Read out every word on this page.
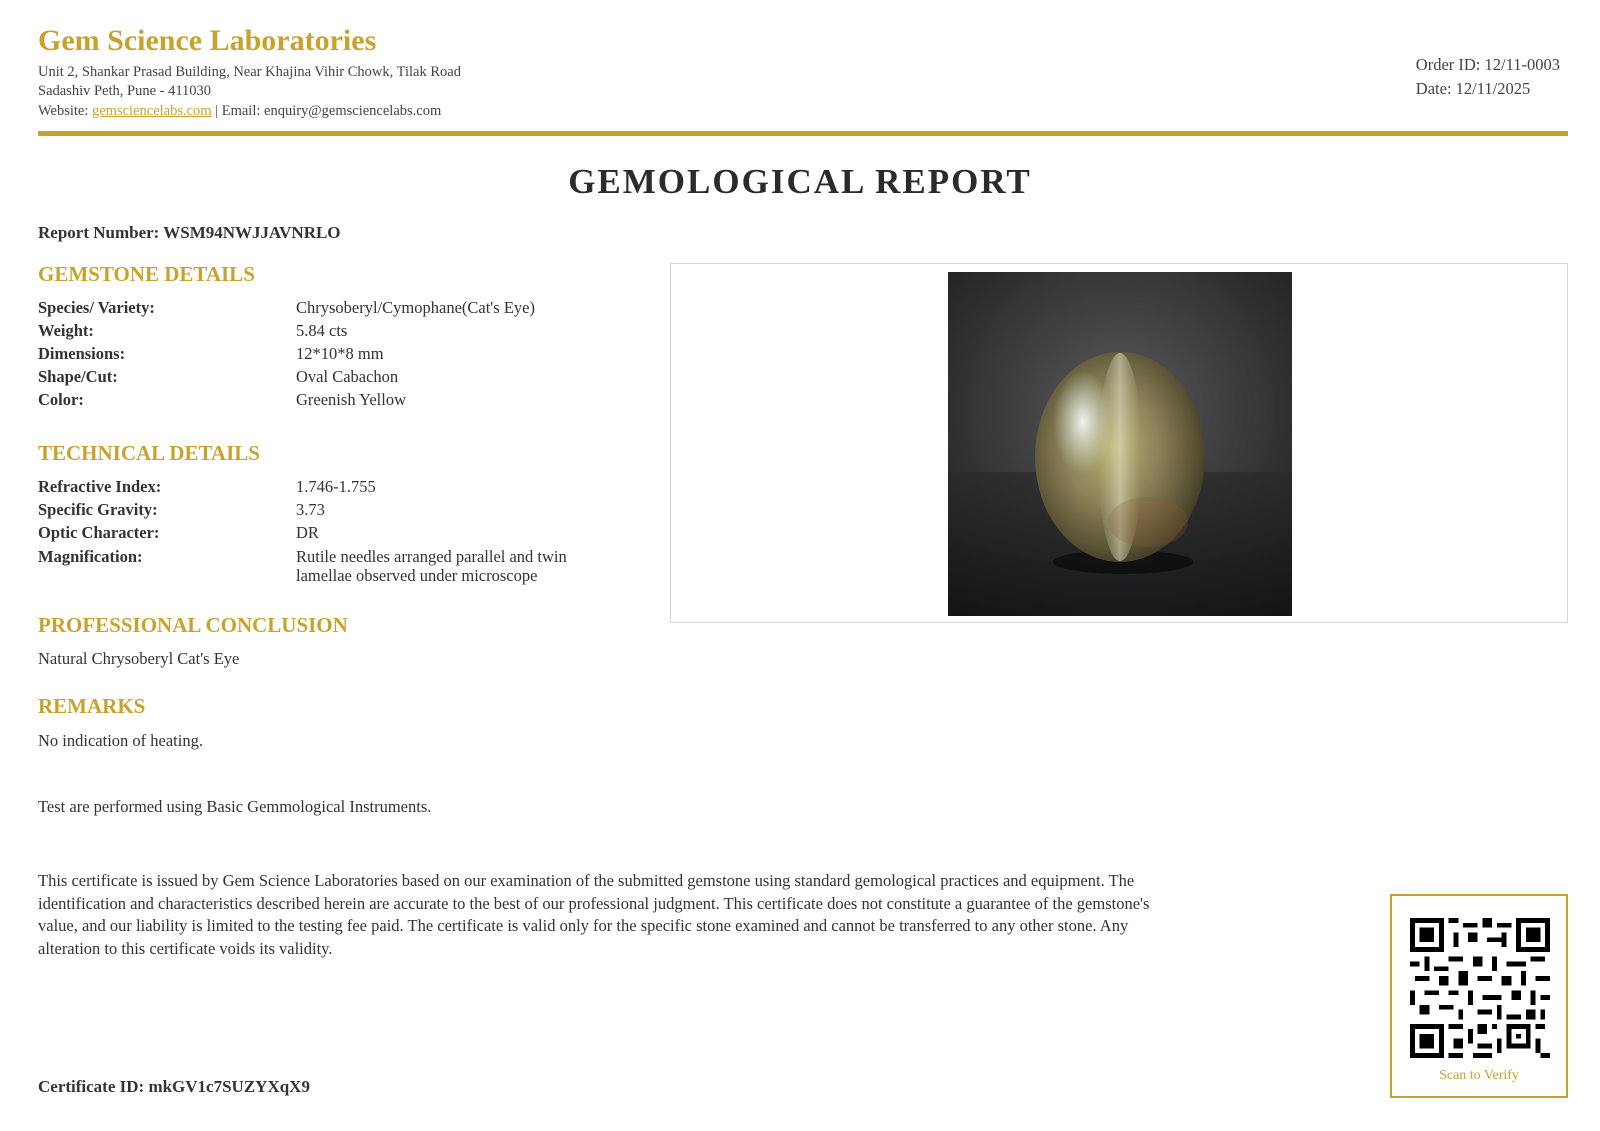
Gem Science Laboratories
Unit 2, Shankar Prasad Building, Near Khajina Vihir Chowk, Tilak Road
Sadashiv Peth, Pune - 411030
Website: gemsciencelabs.com | Email: enquiry@gemsciencelabs.com
Order ID: 12/11-0003
Date: 12/11/2025
GEMOLOGICAL REPORT
Report Number: WSM94NWJJAVNRLO
GEMSTONE DETAILS
Species/ Variety:	Chrysoberyl/Cymophane(Cat's Eye)
Weight:	5.84 cts
Dimensions:	12*10*8 mm
Shape/Cut:	Oval Cabachon
Color:	Greenish Yellow
TECHNICAL DETAILS
Refractive Index:	1.746-1.755
Specific Gravity:	3.73
Optic Character:	DR
Magnification:	Rutile needles arranged parallel and twin lamellae observed under microscope
PROFESSIONAL CONCLUSION
Natural Chrysoberyl Cat's Eye
REMARKS
No indication of heating.
Test are performed using Basic Gemmological Instruments.
This certificate is issued by Gem Science Laboratories based on our examination of the submitted gemstone using standard gemological practices and equipment. The identification and characteristics described herein are accurate to the best of our professional judgment. This certificate does not constitute a guarantee of the gemstone's value, and our liability is limited to the testing fee paid. The certificate is valid only for the specific stone examined and cannot be transferred to any other stone. Any alteration to this certificate voids its validity.
Certificate ID: mkGV1c7SUZYXqX9
Scan to Verify
